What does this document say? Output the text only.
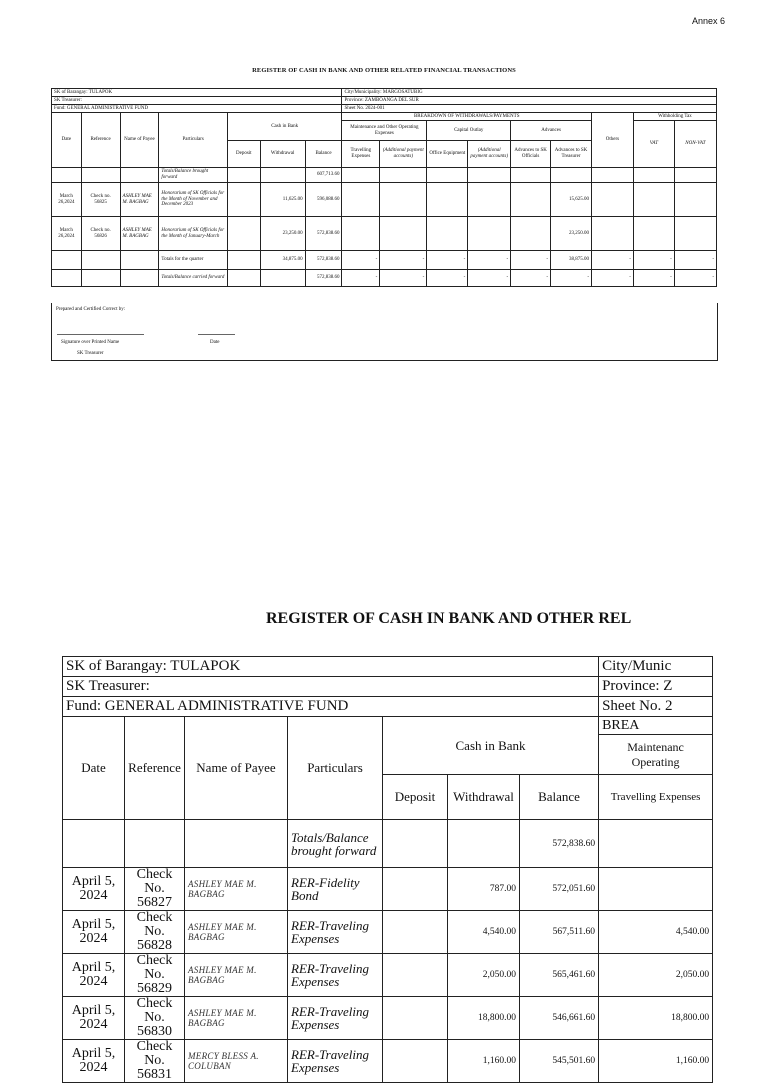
Annex 6
REGISTER OF CASH IN BANK AND OTHER RELATED FINANCIAL TRANSACTIONS
SK of Barangay: TULAPOK							City/Municipality: MARGOSATUBIG								
SK Treasurer:							Province: ZAMBOANGA DEL SUR								
Fund: GENERAL ADMINISTRATIVE FUND							Sheet No. 2024-001								
Date	Reference	Name of Payee	Particulars	Cash in Bank			BREAKDOWN OF WITHDRAWALS/PAYMENTS						Others	Withholding Tax	
							Maintenance and Other Operating Expenses		Capital Outlay		Advances			VAT	NON-VAT
				Deposit	Withdrawal	Balance	Travelling Expenses	(Additional payment accounts)	Office Equipment	(Additional payment accounts)	Advances to SK Officials	Advances to SK Treasurer			
			Totals/Balance brought forward			607,713.60									
March 26,2024	Check no. 56825	ASHLEY MAE M. BAGBAG	Honorarium of SK Officials for the Month of November and December 2023		11,625.00	596,088.60						15,625.00			
March 26,2024	Check no. 56826	ASHLEY MAE M. BAGBAG	Honorarium of SK Officials for the Month of January-March		23,250.00	572,838.60						23,250.00			
			Totals for the quarter		34,875.00	572,838.60	-	-	-	-	-	38,875.00	-	-	-
			Totals/Balance carried forward			572,838.60	-	-	-	-	-	-	-	-	-
Prepared and Certified Correct by:
Signature over Printed Name	Date
SK Treasurer
REGISTER OF CASH IN BANK AND OTHER REL
SK of Barangay: TULAPOK							City/Munic
SK Treasurer:							Province: Z
Fund: GENERAL ADMINISTRATIVE FUND							Sheet No. 2
Date	Reference	Name of Payee	Particulars	Cash in Bank			BREA

							Maintenanc
Operating

				Deposit	Withdrawal	Balance	Travelling Expenses
			Totals/Balance brought forward			572,838.60	
April 5, 2024	Check No. 56827	ASHLEY MAE M. BAGBAG	RER-Fidelity Bond		787.00	572,051.60	
April 5, 2024	Check No. 56828	ASHLEY MAE M. BAGBAG	RER-Traveling Expenses		4,540.00	567,511.60	4,540.00
April 5, 2024	Check No. 56829	ASHLEY MAE M. BAGBAG	RER-Traveling Expenses		2,050.00	565,461.60	2,050.00
April 5, 2024	Check No. 56830	ASHLEY MAE M. BAGBAG	RER-Traveling Expenses		18,800.00	546,661.60	18,800.00
April 5, 2024	Check No. 56831	MERCY BLESS A. COLUBAN	RER-Traveling Expenses		1,160.00	545,501.60	1,160.00
